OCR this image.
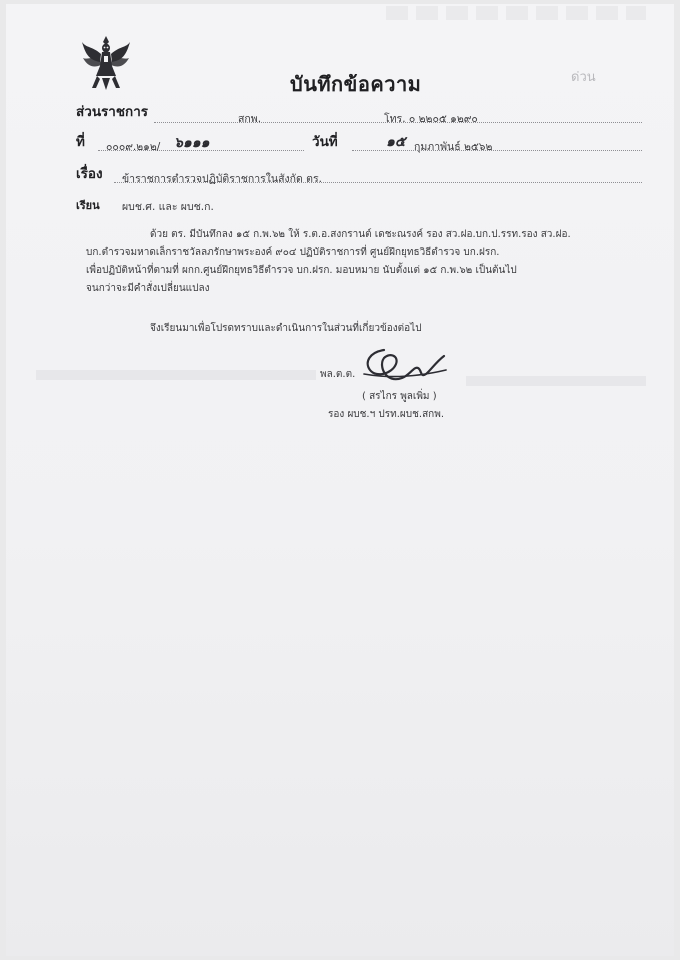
ด่วน
บันทึกข้อความ
ส่วนราชการ	สกพ.	โทร. ๐ ๒๒๐๕ ๑๒๙๐
ที่ ๐๐๐๙.๒๑๒/ ๖๑๑๑	วันที่	๑๕ กุมภาพันธ์ ๒๕๖๒
เรื่อง ข้าราชการตำรวจปฏิบัติราชการในสังกัด ตร.
เรียน ผบช.ศ. และ ผบช.ก.
ด้วย ตร. มีบันทึกลง ๑๕ ก.พ.๖๒ ให้ ร.ต.อ.สงกรานต์ เดชะณรงค์ รอง สว.ฝอ.บก.ป.รรท.รอง สว.ฝอ.
บก.ตำรวจมหาดเล็กราชวัลลภรักษาพระองค์ ๙๐๔ ปฏิบัติราชการที่ ศูนย์ฝึกยุทธวิธีตำรวจ บก.ฝรก.
เพื่อปฏิบัติหน้าที่ตามที่ ผกก.ศูนย์ฝึกยุทธวิธีตำรวจ บก.ฝรก. มอบหมาย นับตั้งแต่ ๑๕ ก.พ.๖๒ เป็นต้นไป
จนกว่าจะมีคำสั่งเปลี่ยนแปลง
จึงเรียนมาเพื่อโปรดทราบและดำเนินการในส่วนที่เกี่ยวข้องต่อไป
พล.ต.ต.
( สรไกร พูลเพิ่ม )
รอง ผบช.ฯ ปรท.ผบช.สกพ.
